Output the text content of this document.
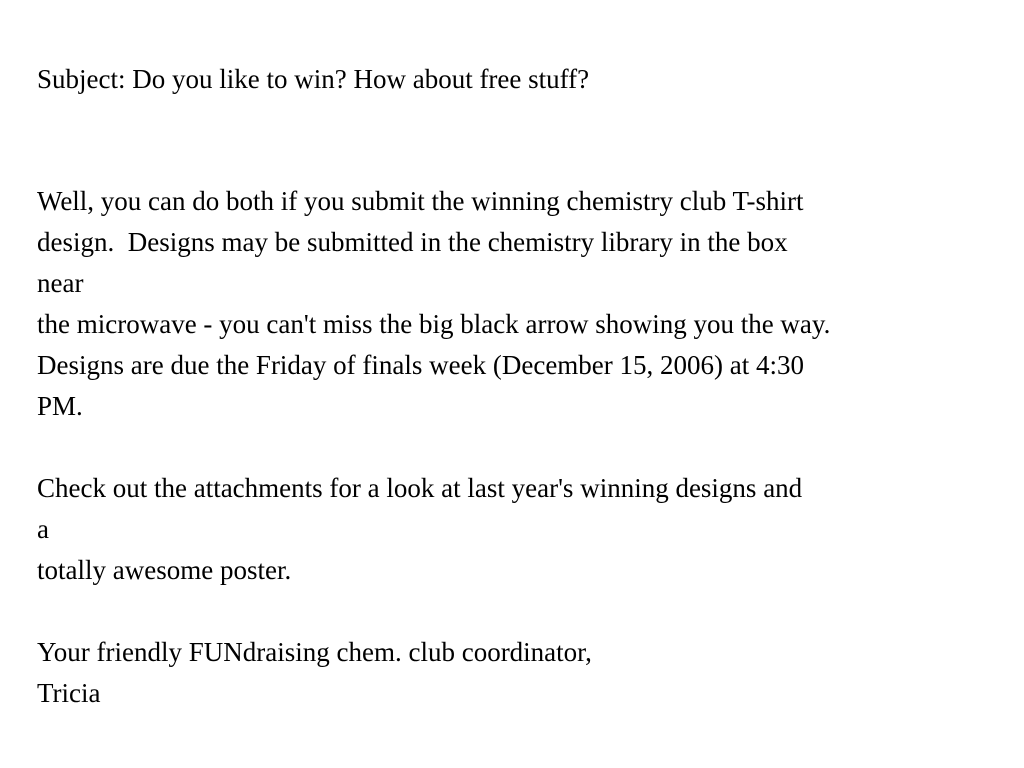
Subject: Do you like to win? How about free stuff?
Well, you can do both if you submit the winning chemistry club T-shirt
design.  Designs may be submitted in the chemistry library in the box
near
the microwave - you can't miss the big black arrow showing you the way.
Designs are due the Friday of finals week (December 15, 2006) at 4:30
PM.
Check out the attachments for a look at last year's winning designs and
a
totally awesome poster.
Your friendly FUNdraising chem. club coordinator,
Tricia
